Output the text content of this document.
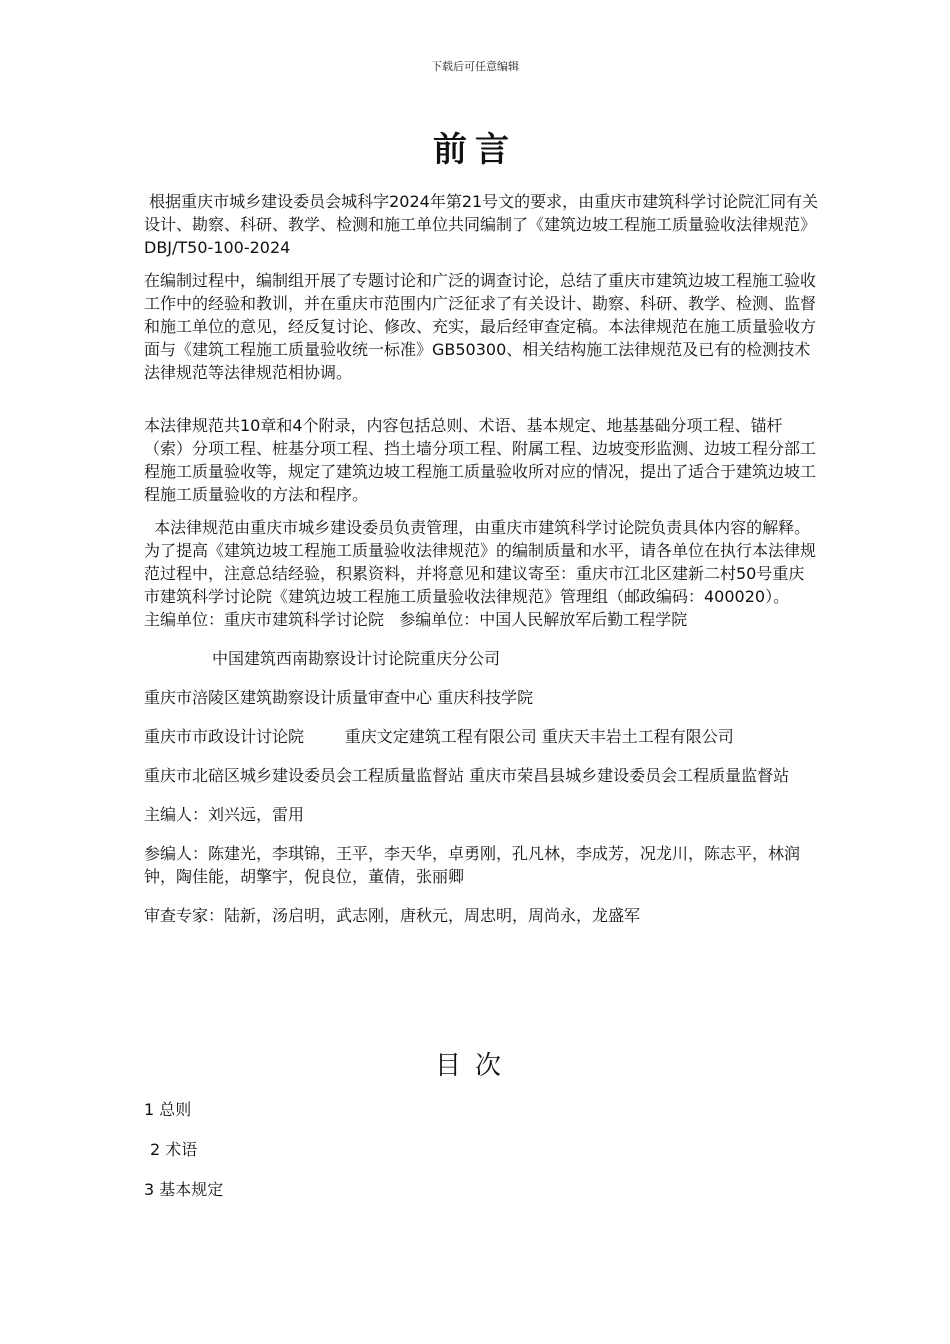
下载后可任意编辑
前言

根据重庆市城乡建设委员会城科字2024年第21号文的要求，由重庆市建筑科学讨论院汇同有关设计、勘察、科研、教学、检测和施工单位共同编制了《建筑边坡工程施工质量验收法律规范》DBJ/T50-100-2024

在编制过程中，编制组开展了专题讨论和广泛的调查讨论，总结了重庆市建筑边坡工程施工验收工作中的经验和教训，并在重庆市范围内广泛征求了有关设计、勘察、科研、教学、检测、监督和施工单位的意见，经反复讨论、修改、充实，最后经审查定稿。本法律规范在施工质量验收方面与《建筑工程施工质量验收统一标准》GB50300、相关结构施工法律规范及已有的检测技术法律规范等法律规范相协调。

本法律规范共10章和4个附录，内容包括总则、术语、基本规定、地基基础分项工程、锚杆（索）分项工程、桩基分项工程、挡土墙分项工程、附属工程、边坡变形监测、边坡工程分部工程施工质量验收等，规定了建筑边坡工程施工质量验收所对应的情况，提出了适合于建筑边坡工程施工质量验收的方法和程序。

本法律规范由重庆市城乡建设委员负责管理，由重庆市建筑科学讨论院负责具体内容的解释。为了提高《建筑边坡工程施工质量验收法律规范》的编制质量和水平，请各单位在执行本法律规范过程中，注意总结经验，积累资料，并将意见和建议寄至：重庆市江北区建新二村50号重庆市建筑科学讨论院《建筑边坡工程施工质量验收法律规范》管理组（邮政编码：400020）。   主编单位：重庆市建筑科学讨论院   参编单位：中国人民解放军后勤工程学院

中国建筑西南勘察设计讨论院重庆分公司

重庆市涪陵区建筑勘察设计质量审查中心 重庆科技学院

重庆市市政设计讨论院        重庆文定建筑工程有限公司 重庆天丰岩土工程有限公司

重庆市北碚区城乡建设委员会工程质量监督站 重庆市荣昌县城乡建设委员会工程质量监督站

主编人：刘兴远，雷用

参编人：陈建光，李琪锦，王平，李天华，卓勇刚，孔凡林，李成芳，况龙川，陈志平，林润钟，陶佳能，胡擎宇，倪良位，董倩，张丽卿

审查专家：陆新，汤启明，武志刚，唐秋元，周忠明，周尚永，龙盛军

目次
1 总则
2 术语
3 基本规定
